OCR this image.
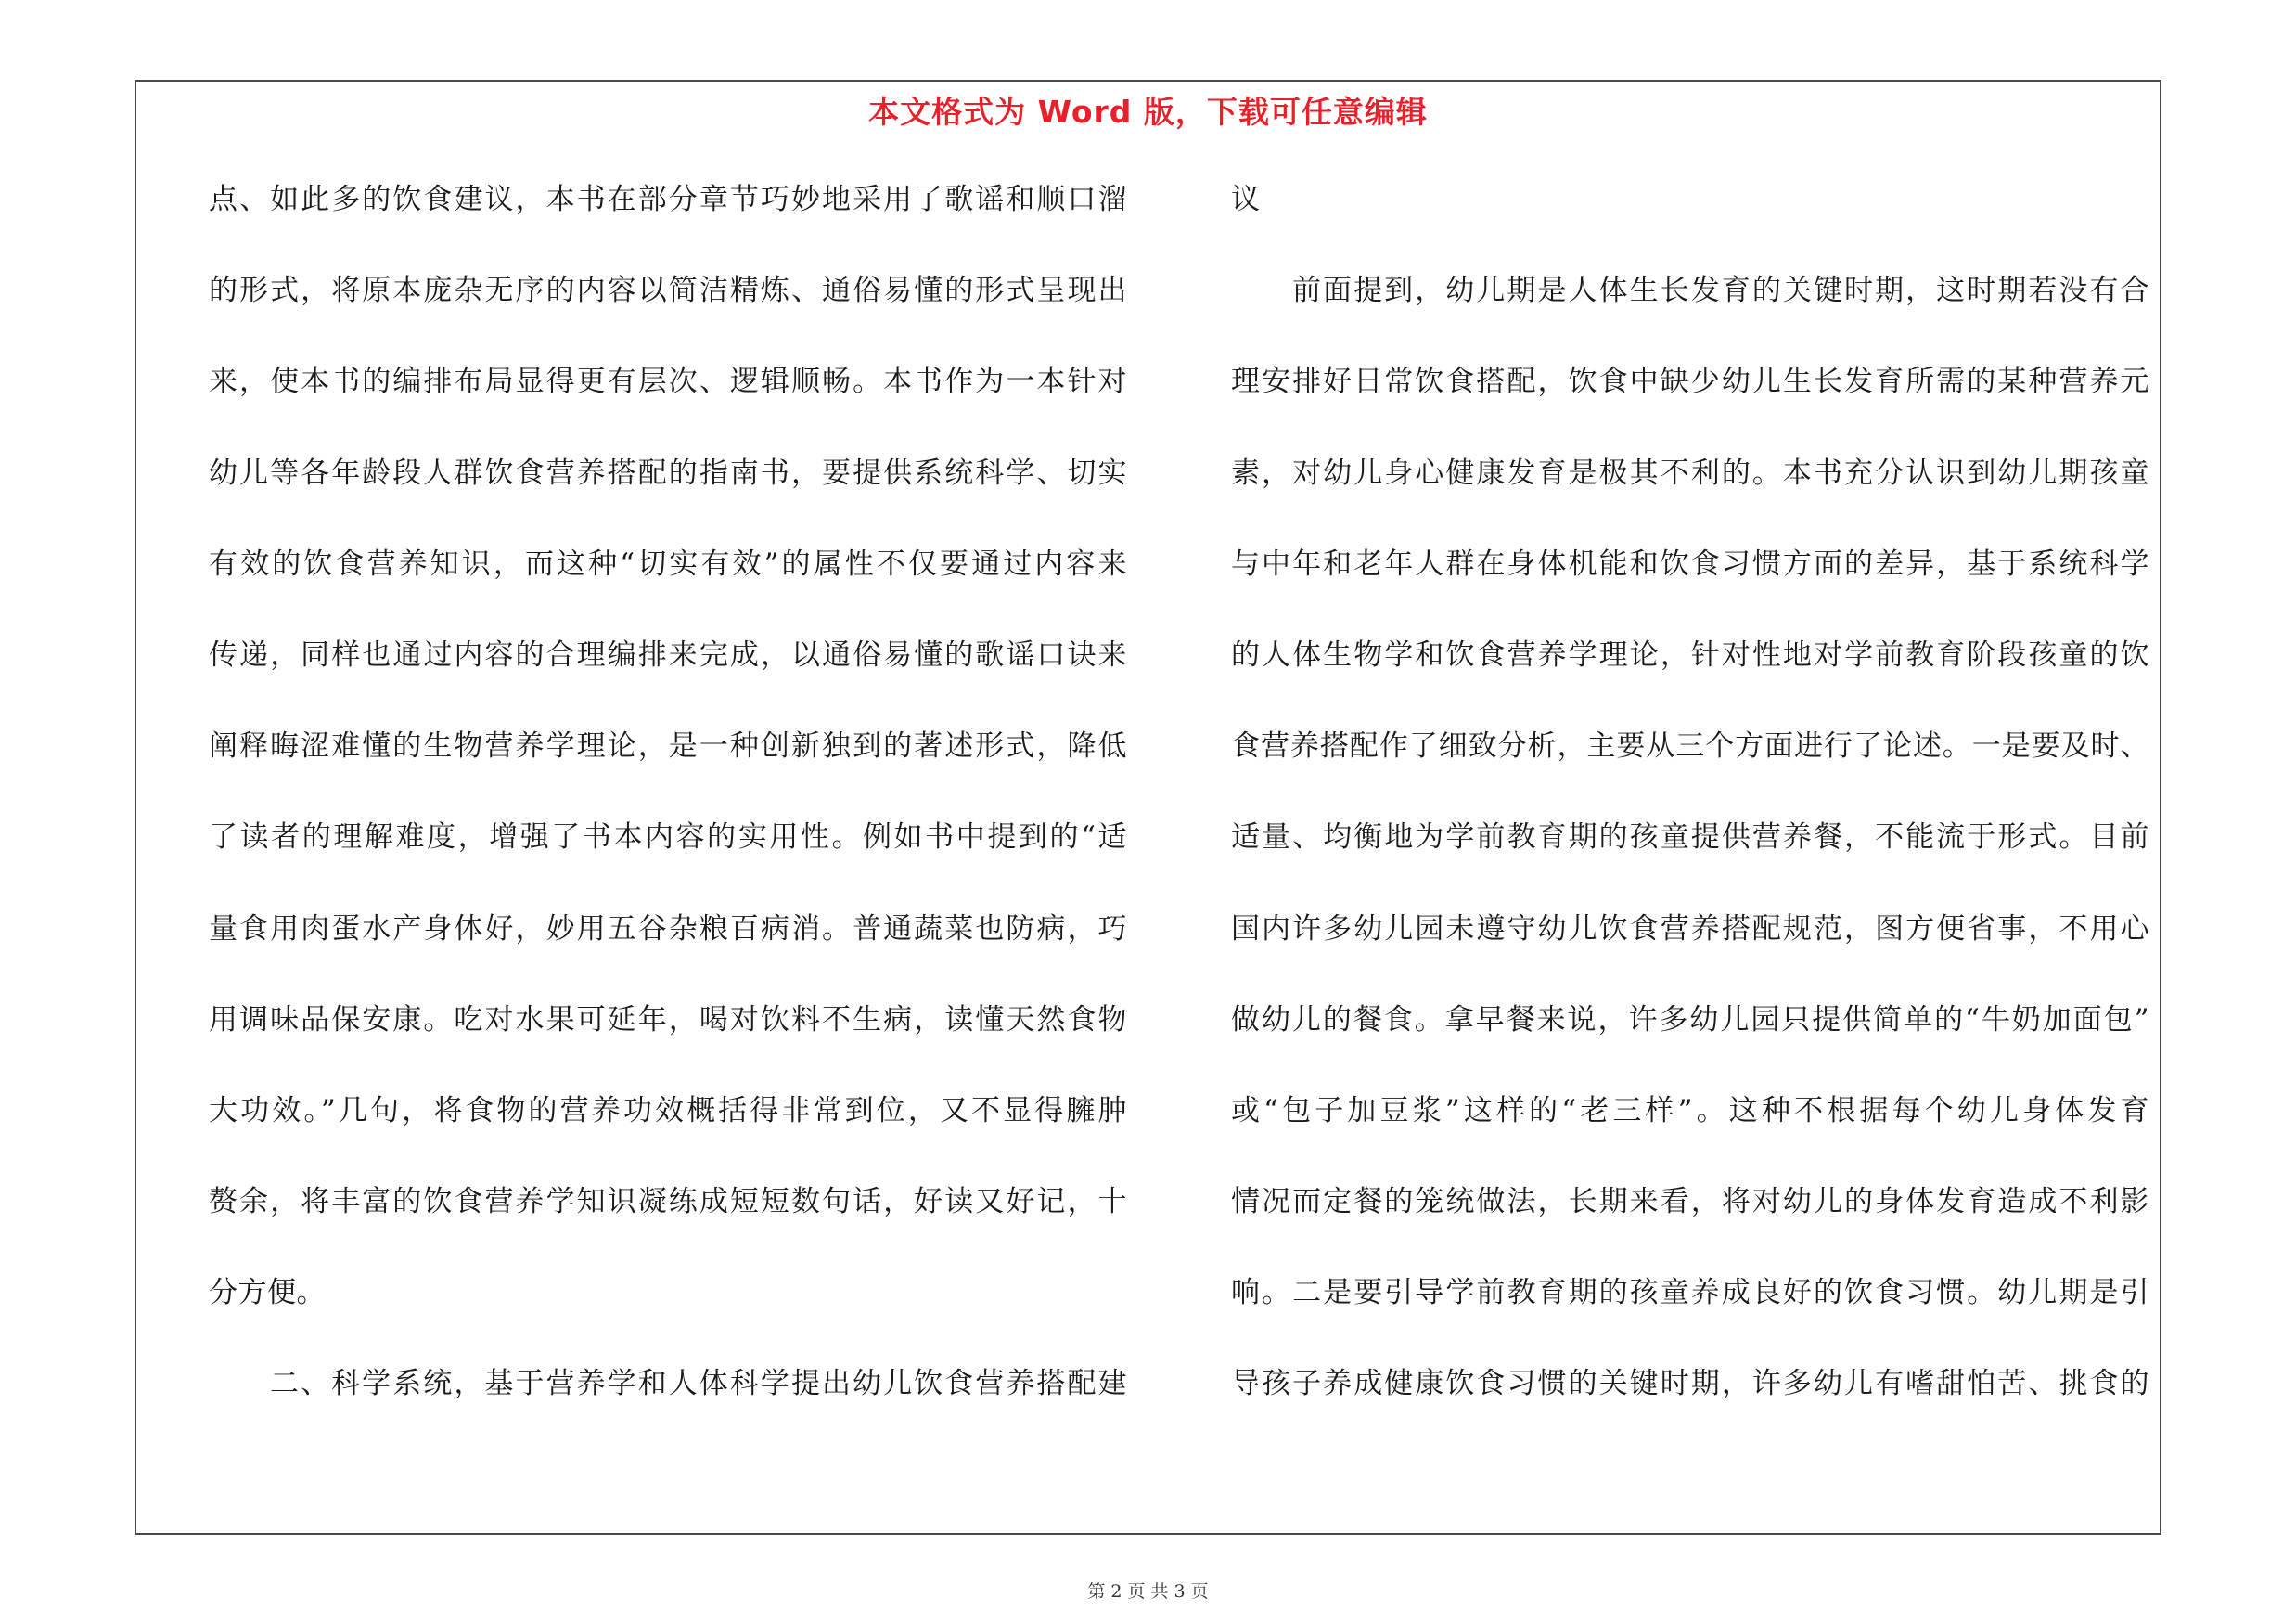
本文格式为 Word 版，下载可任意编辑
第 2 页 共 3 页
点、如此多的饮食建议，本书在部分章节巧妙地采用了歌谣和顺口溜
的形式，将原本庞杂无序的内容以简洁精炼、通俗易懂的形式呈现出
来，使本书的编排布局显得更有层次、逻辑顺畅。本书作为一本针对
幼儿等各年龄段人群饮食营养搭配的指南书，要提供系统科学、切实
有效的饮食营养知识，而这种“切实有效”的属性不仅要通过内容来
传递，同样也通过内容的合理编排来完成，以通俗易懂的歌谣口诀来
阐释晦涩难懂的生物营养学理论，是一种创新独到的著述形式，降低
了读者的理解难度，增强了书本内容的实用性。例如书中提到的“适
量食用肉蛋水产身体好，妙用五谷杂粮百病消。普通蔬菜也防病，巧
用调味品保安康。吃对水果可延年，喝对饮料不生病，读懂天然食物
大功效。”几句，将食物的营养功效概括得非常到位，又不显得臃肿
赘余，将丰富的饮食营养学知识凝练成短短数句话，好读又好记，十
分方便。
二、科学系统，基于营养学和人体科学提出幼儿饮食营养搭配建
议
前面提到，幼儿期是人体生长发育的关键时期，这时期若没有合
理安排好日常饮食搭配，饮食中缺少幼儿生长发育所需的某种营养元
素，对幼儿身心健康发育是极其不利的。本书充分认识到幼儿期孩童
与中年和老年人群在身体机能和饮食习惯方面的差异，基于系统科学
的人体生物学和饮食营养学理论，针对性地对学前教育阶段孩童的饮
食营养搭配作了细致分析，主要从三个方面进行了论述。一是要及时、
适量、均衡地为学前教育期的孩童提供营养餐，不能流于形式。目前
国内许多幼儿园未遵守幼儿饮食营养搭配规范，图方便省事，不用心
做幼儿的餐食。拿早餐来说，许多幼儿园只提供简单的“牛奶加面包”
或“包子加豆浆”这样的“老三样”。这种不根据每个幼儿身体发育
情况而定餐的笼统做法，长期来看，将对幼儿的身体发育造成不利影
响。二是要引导学前教育期的孩童养成良好的饮食习惯。幼儿期是引
导孩子养成健康饮食习惯的关键时期，许多幼儿有嗜甜怕苦、挑食的
